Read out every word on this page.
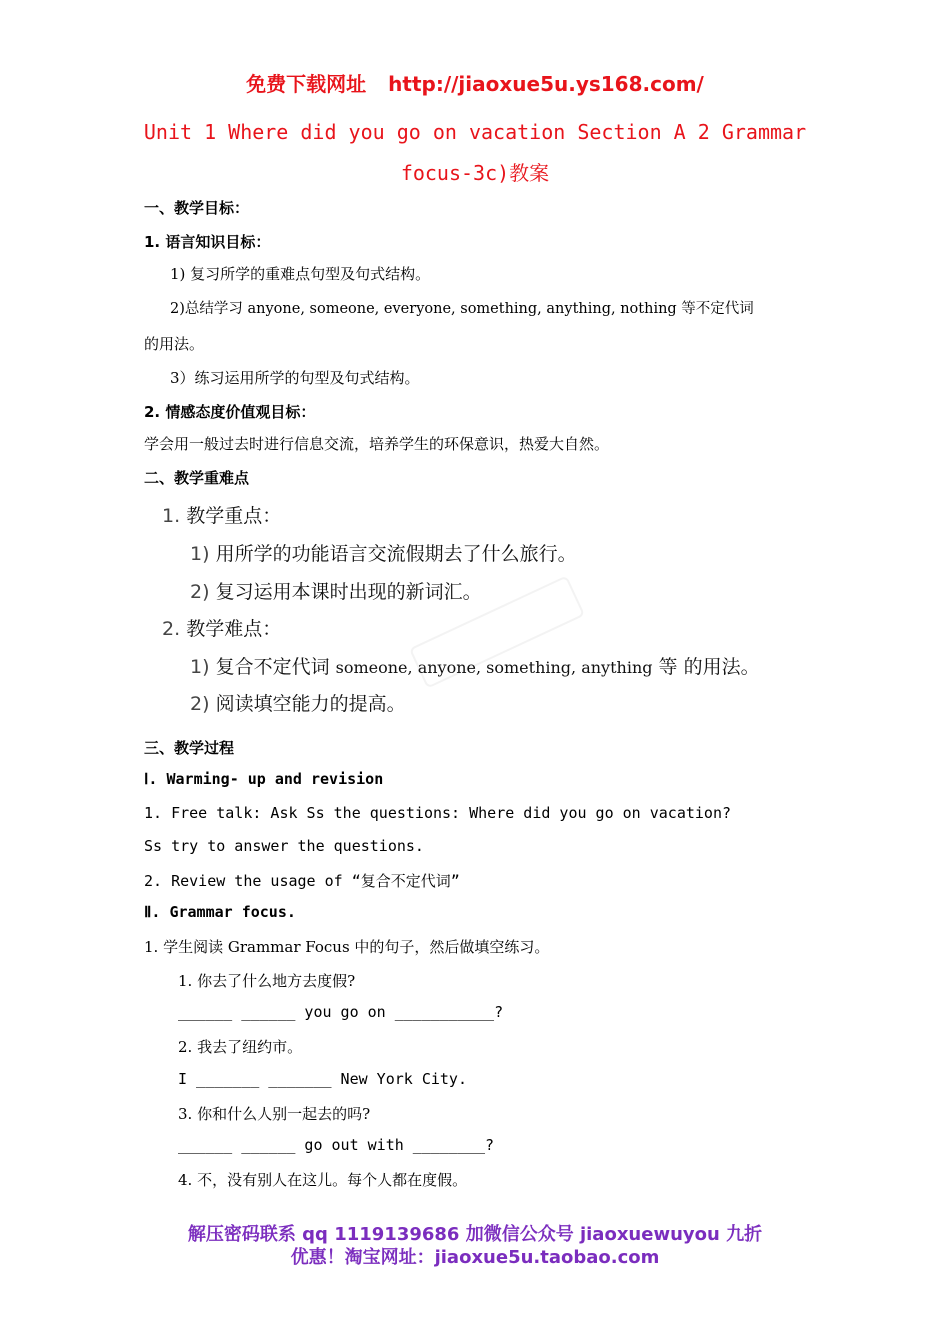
免费下载网址 http://jiaoxue5u.ys168.com/
Unit 1 Where did you go on vacation Section A 2 Grammar
focus-3c)教案
一、教学目标：
1. 语言知识目标：
1) 复习所学的重难点句型及句式结构。
2)总结学习 anyone, someone, everyone, something, anything, nothing 等不定代词
的用法。
3）练习运用所学的句型及句式结构。
2. 情感态度价值观目标：
学会用一般过去时进行信息交流，培养学生的环保意识，热爱大自然。
二、教学重难点
1. 教学重点：
1) 用所学的功能语言交流假期去了什么旅行。
2) 复习运用本课时出现的新词汇。
2. 教学难点：
1) 复合不定代词 someone, anyone, something, anything 等 的用法。
2) 阅读填空能力的提高。
三、教学过程
Ⅰ. Warming- up and revision
1. Free talk: Ask Ss the questions: Where did you go on vacation?
Ss try to answer the questions.
2. Review the usage of “复合不定代词”
Ⅱ. Grammar focus.
1. 学生阅读 Grammar Focus 中的句子，然后做填空练习。
1. 你去了什么地方去度假?
______ ______ you go on ___________?
2. 我去了纽约市。
I _______ _______ New York City.
3. 你和什么人别一起去的吗?
______ ______ go out with ________?
4. 不，没有别人在这儿。每个人都在度假。
解压密码联系 qq 1119139686 加微信公众号 jiaoxuewuyou 九折
优惠！淘宝网址：jiaoxue5u.taobao.com
